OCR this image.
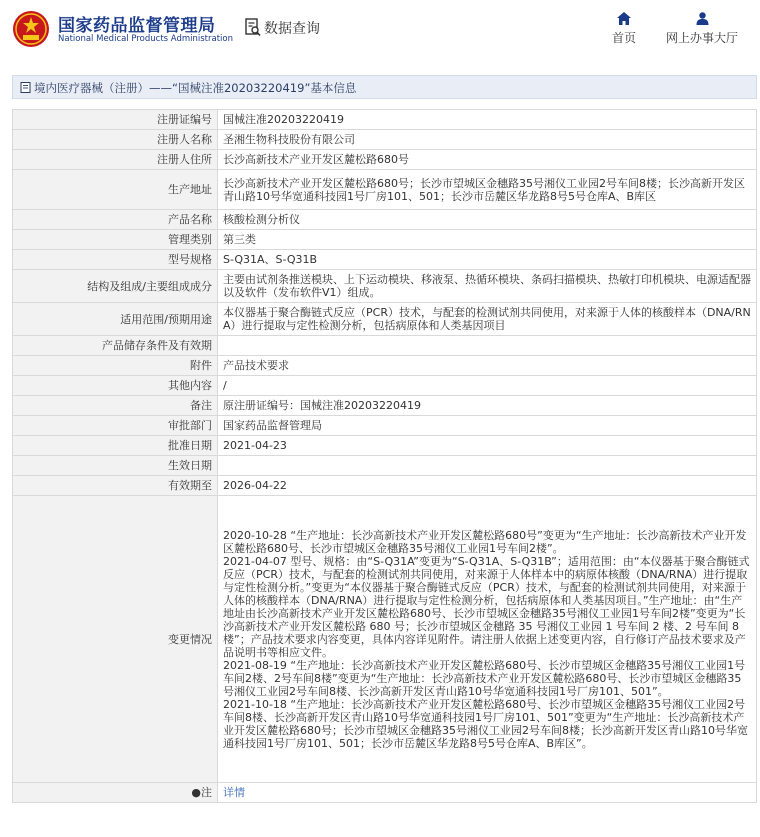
国家药品监督管理局
National Medical Products Administration
数据查询
首页	网上办事大厅
境内医疗器械（注册）——“国械注准20203220419”基本信息
注册证编号	国械注准20203220419
注册人名称	圣湘生物科技股份有限公司
注册人住所	长沙高新技术产业开发区麓松路680号
生产地址	长沙高新技术产业开发区麓松路680号；长沙市望城区金穗路35号湘仪工业园2号车间8楼；长沙高新开发区青山路10号华宽通科技园1号厂房101、501；长沙市岳麓区华龙路8号5号仓库A、B库区
产品名称	核酸检测分析仪
管理类别	第三类
型号规格	S-Q31A、S-Q31B
结构及组成/主要组成成分	主要由试剂条推送模块、上下运动模块、移液泵、热循环模块、条码扫描模块、热敏打印机模块、电源适配器以及软件（发布软件V1）组成。
适用范围/预期用途	本仪器基于聚合酶链式反应（PCR）技术，与配套的检测试剂共同使用，对来源于人体的核酸样本（DNA/RNA）进行提取与定性检测分析，包括病原体和人类基因项目
产品储存条件及有效期	
附件	产品技术要求
其他内容	/
备注	原注册证编号：国械注准20203220419
审批部门	国家药品监督管理局
批准日期	2021-04-23
生效日期	
有效期至	2026-04-22
变更情况	2020-10-28 “生产地址：长沙高新技术产业开发区麓松路680号”变更为“生产地址：长沙高新技术产业开发区麓松路680号、长沙市望城区金穗路35号湘仪工业园1号车间2楼”。
2021-04-07 型号、规格：由“S-Q31A”变更为“S-Q31A、S-Q31B”；适用范围：由“本仪器基于聚合酶链式反应（PCR）技术，与配套的检测试剂共同使用，对来源于人体样本中的病原体核酸（DNA/RNA）进行提取与定性检测分析。”变更为“本仪器基于聚合酶链式反应（PCR）技术，与配套的检测试剂共同使用，对来源于人体的核酸样本（DNA/RNA）进行提取与定性检测分析，包括病原体和人类基因项目。”生产地址：由“生产地址由长沙高新技术产业开发区麓松路680号、长沙市望城区金穗路35号湘仪工业园1号车间2楼”变更为“长沙高新技术产业开发区麓松路 680 号；长沙市望城区金穗路 35 号湘仪工业园 1 号车间 2 楼、2 号车间 8 楼”；产品技术要求内容变更，具体内容详见附件。请注册人依据上述变更内容，自行修订产品技术要求及产品说明书等相应文件。
2021-08-19 “生产地址：长沙高新技术产业开发区麓松路680号、长沙市望城区金穗路35号湘仪工业园1号车间2楼、2号车间8楼”变更为“生产地址：长沙高新技术产业开发区麓松路680号、长沙市望城区金穗路35号湘仪工业园2号车间8楼、长沙高新开发区青山路10号华宽通科技园1号厂房101、501”。
2021-10-18 “生产地址：长沙高新技术产业开发区麓松路680号、长沙市望城区金穗路35号湘仪工业园2号车间8楼、长沙高新开发区青山路10号华宽通科技园1号厂房101、501”变更为“生产地址：长沙高新技术产业开发区麓松路680号；长沙市望城区金穗路35号湘仪工业园2号车间8楼；长沙高新开发区青山路10号华宽通科技园1号厂房101、501；长沙市岳麓区华龙路8号5号仓库A、B库区”。
●注	详情
